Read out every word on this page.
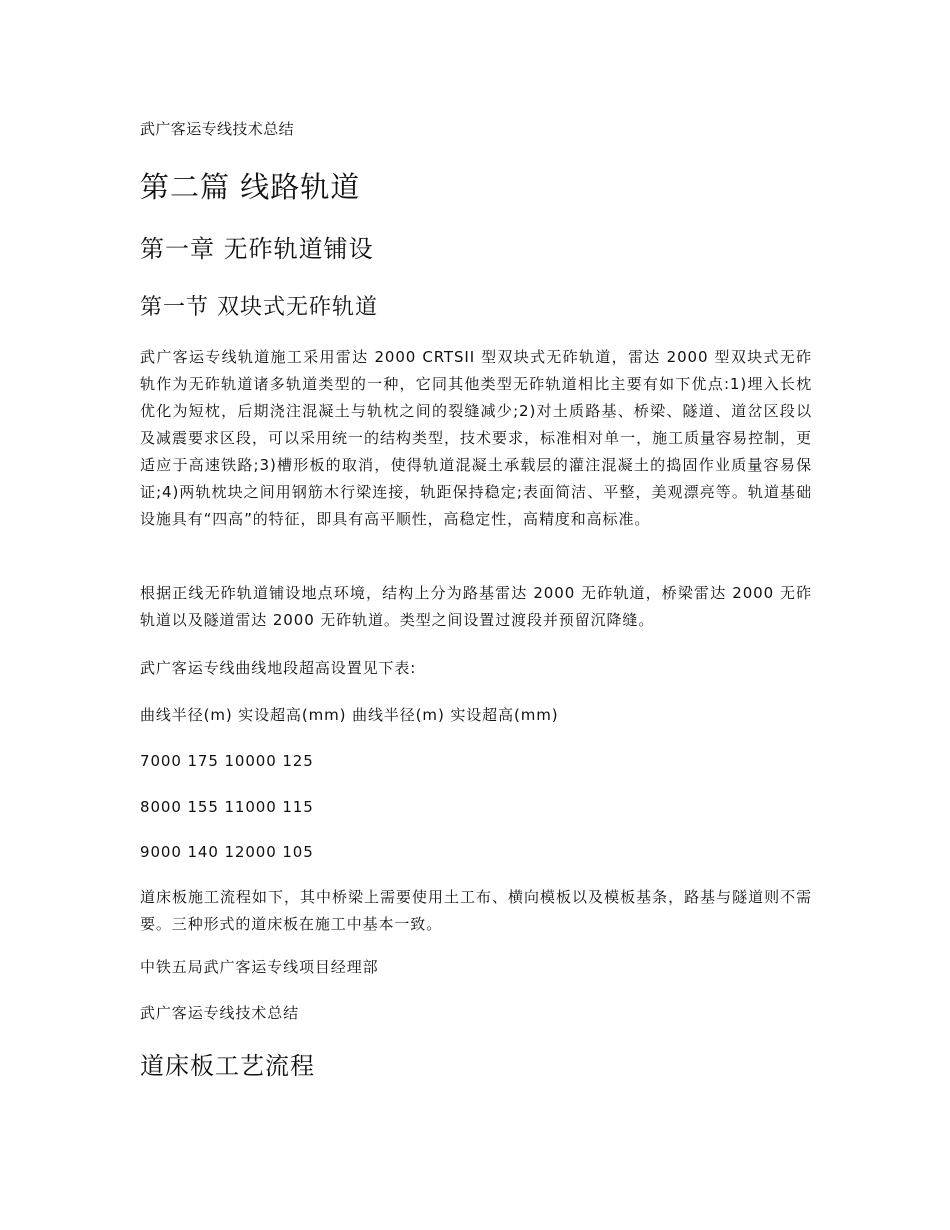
武广客运专线技术总结
第二篇 线路轨道
第一章 无砟轨道铺设
第一节 双块式无砟轨道

武广客运专线轨道施工采用雷达 2000 CRTSII 型双块式无砟轨道，雷达 2000 型双块式无砟轨作为无砟轨道诸多轨道类型的一种，它同其他类型无砟轨道相比主要有如下优点:1)埋入长枕优化为短枕，后期浇注混凝土与轨枕之间的裂缝减少;2)对土质路基、桥梁、隧道、道岔区段以及减震要求区段，可以采用统一的结构类型，技术要求，标准相对单一，施工质量容易控制，更适应于高速铁路;3)槽形板的取消，使得轨道混凝土承载层的灌注混凝土的捣固作业质量容易保证;4)两轨枕块之间用钢筋木行梁连接，轨距保持稳定;表面简洁、平整，美观漂亮等。轨道基础设施具有“四高”的特征，即具有高平顺性，高稳定性，高精度和高标准。

根据正线无砟轨道铺设地点环境，结构上分为路基雷达 2000 无砟轨道，桥梁雷达 2000 无砟轨道以及隧道雷达 2000 无砟轨道。类型之间设置过渡段并预留沉降缝。

武广客运专线曲线地段超高设置见下表:

曲线半径(m) 实设超高(mm) 曲线半径(m) 实设超高(mm)

7000 175 10000 125

8000 155 11000 115

9000 140 12000 105

道床板施工流程如下，其中桥梁上需要使用土工布、横向模板以及模板基条，路基与隧道则不需要。三种形式的道床板在施工中基本一致。

中铁五局武广客运专线项目经理部

武广客运专线技术总结

道床板工艺流程
